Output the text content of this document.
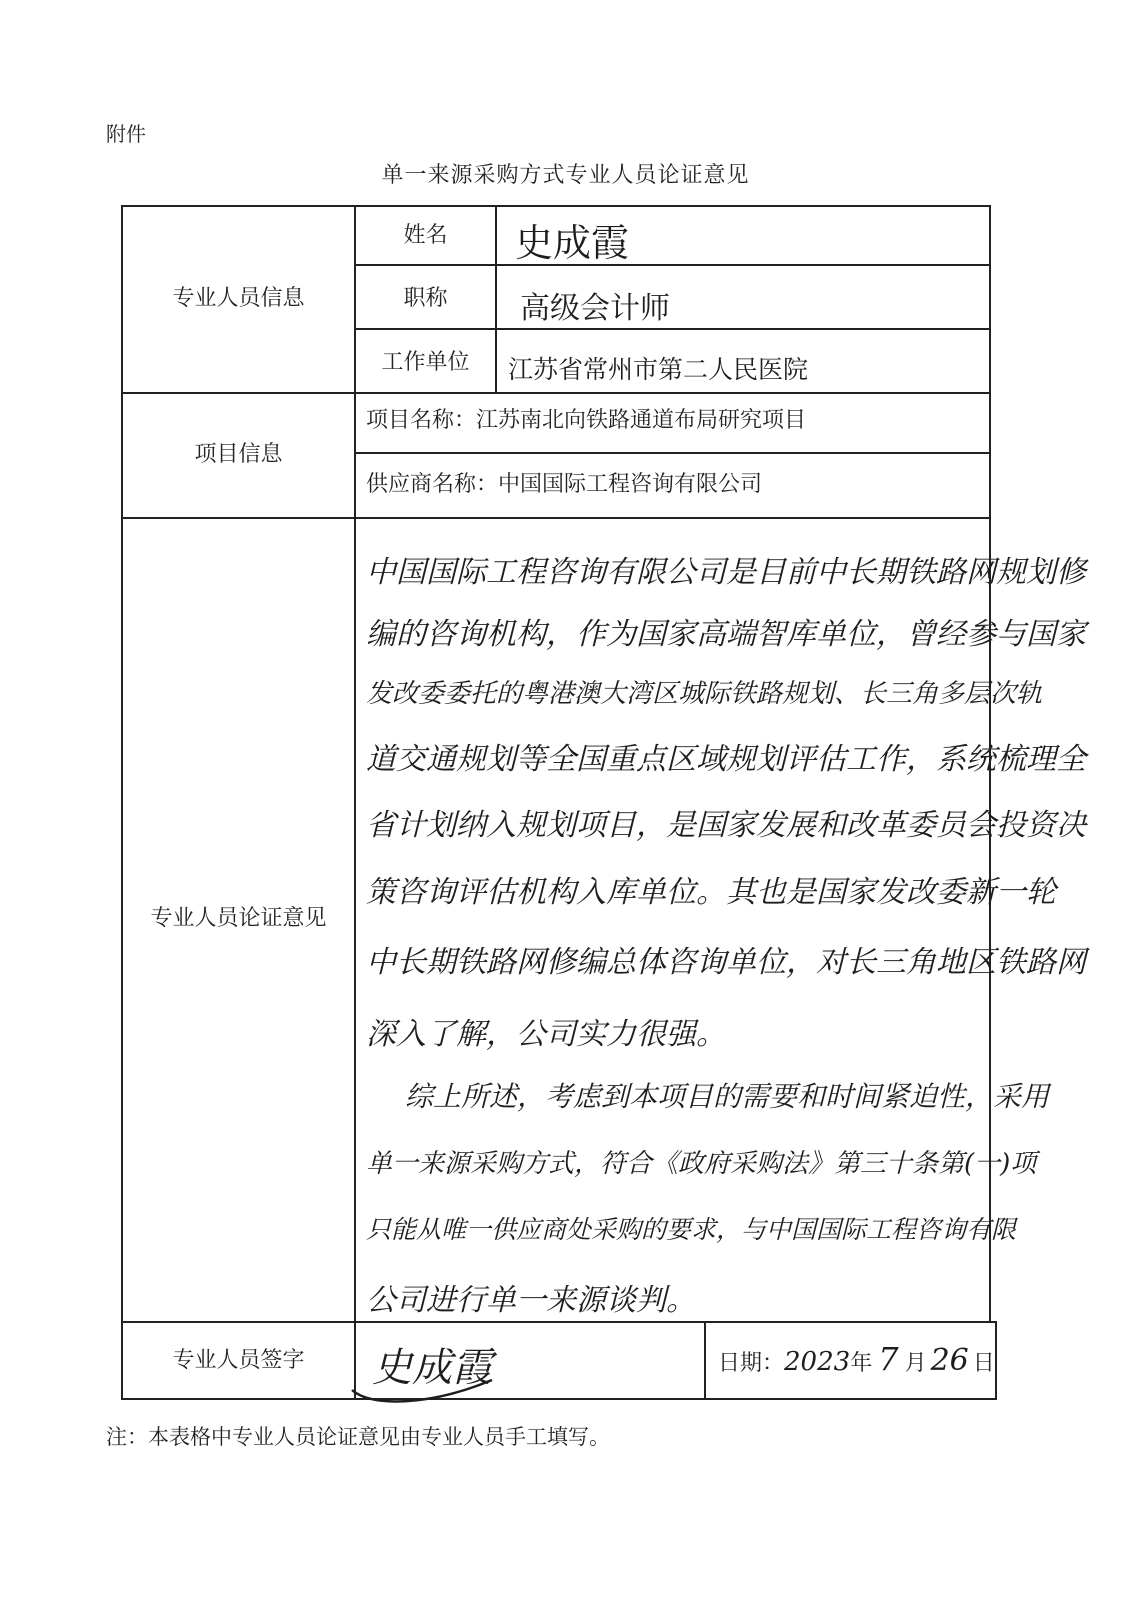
附件
单一来源采购方式专业人员论证意见
专业人员信息
项目信息
专业人员论证意见
专业人员签字
姓名
职称
工作单位
史成霞
高级会计师
江苏省常州市第二人民医院
项目名称：江苏南北向铁路通道布局研究项目
供应商名称：中国国际工程咨询有限公司
中国国际工程咨询有限公司是目前中长期铁路网规划修
编的咨询机构，作为国家高端智库单位，曾经参与国家
发改委委托的粤港澳大湾区城际铁路规划、长三角多层次轨
道交通规划等全国重点区域规划评估工作，系统梳理全
省计划纳入规划项目，是国家发展和改革委员会投资决
策咨询评估机构入库单位。其也是国家发改委新一轮
中长期铁路网修编总体咨询单位，对长三角地区铁路网
深入了解，公司实力很强。
综上所述，考虑到本项目的需要和时间紧迫性，采用
单一来源采购方式，符合《政府采购法》第三十条第(一)项
只能从唯一供应商处采购的要求，与中国国际工程咨询有限
公司进行单一来源谈判。
史成霞	日期：2023年 7 月 26 日
注：本表格中专业人员论证意见由专业人员手工填写。
